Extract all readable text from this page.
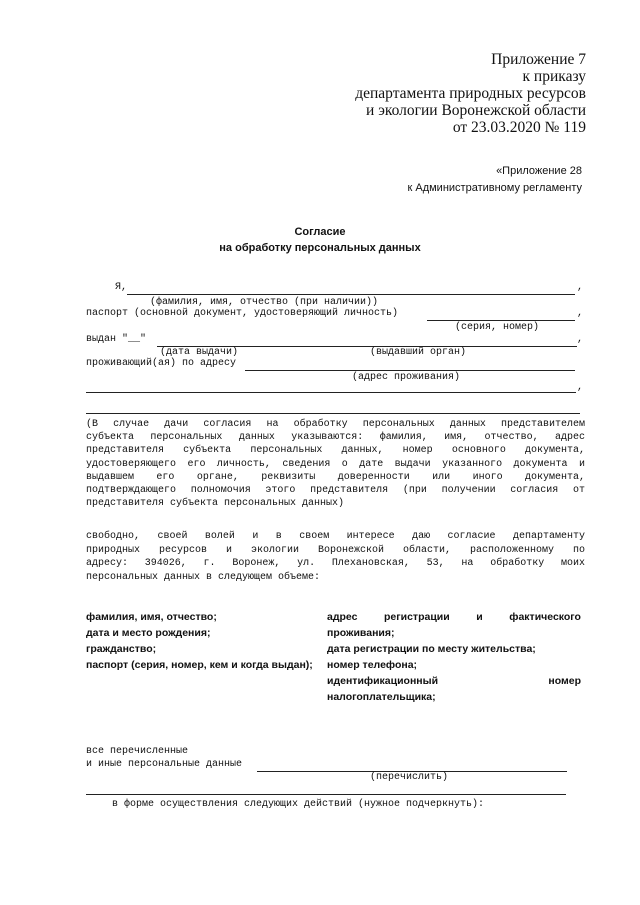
Приложение 7
к приказу
департамента природных ресурсов
и экологии Воронежской области
от 23.03.2020 № 119
«Приложение 28
к Административному регламенту
Согласие
на обработку персональных данных
Я,	,
(фамилия, имя, отчество (при наличии))
паспорт (основной документ, удостоверяющий личность)	,
(серия, номер)
выдан "__"	,
(дата выдачи)	(выдавший орган)
проживающий(ая) по адресу
(адрес проживания)
,
(В случае дачи согласия на обработку персональных данных представителем
субъекта персональных данных указываются: фамилия, имя, отчество, адрес
представителя субъекта персональных данных, номер основного документа,
удостоверяющего его личность, сведения о дате выдачи указанного документа и
выдавшем его органе, реквизиты доверенности или иного документа,
подтверждающего полномочия этого представителя (при получении согласия от
представителя субъекта персональных данных)
свободно, своей волей и в своем интересе даю согласие департаменту
природных ресурсов и экологии Воронежской области, расположенному по
адресу: 394026, г. Воронеж, ул. Плехановская, 53, на обработку моих
персональных данных в следующем объеме:
фамилия, имя, отчество;
дата и место рождения;
гражданство;
паспорт (серия, номер, кем и когда выдан);
адрес	регистрации	и	фактического
проживания;
дата регистрации по месту жительства;
номер телефона;
идентификационный	номер
налогоплательщика;
все перечисленные
и иные персональные данные
(перечислить)
в форме осуществления следующих действий (нужное подчеркнуть):
